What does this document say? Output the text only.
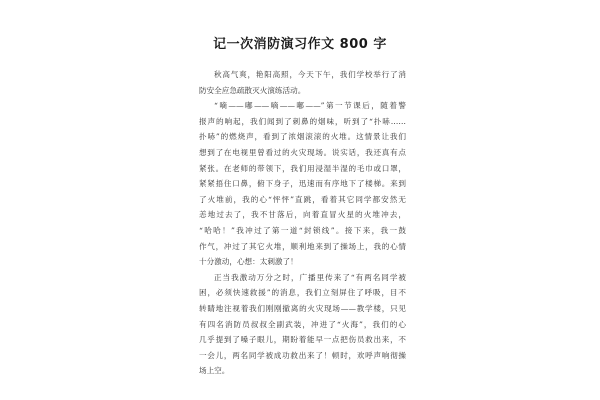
记一次消防演习作文 800 字
秋高气爽，艳阳高照，今天下午，我们学校举行了消
防安全应急疏散灭火演练活动。
“嘀——嘟——嘀——嘟——”第一节课后，随着警
报声的响起，我们闻到了刺鼻的烟味，听到了“扑哧……
扑哧”的燃烧声，看到了浓烟滚滚的火堆。这情景让我们
想到了在电视里曾看过的火灾现场。说实话，我还真有点
紧张。在老师的带领下，我们用浸湿半湿的毛巾或口罩，
紧紧捂住口鼻，俯下身子，迅速而有序地下了楼梯。来到
了火堆前，我的心“怦怦”直跳，看着其它同学都安然无
恙地过去了，我不甘落后，向着直冒火星的火堆冲去，
“哈哈！”我冲过了第一道“封锁线”。接下来，我一鼓
作气，冲过了其它火堆，顺利地来到了操场上，我的心情
十分激动，心想：太刺激了！
正当我激动万分之时，广播里传来了“有两名同学被
困，必须快速救援”的消息，我们立刻屏住了呼吸，目不
转睛地注视着我们刚刚撤离的火灾现场——教学楼，只见
有四名消防员叔叔全副武装，冲进了“火海”，我们的心
几乎提到了嗓子眼儿，期盼着能早一点把伤员救出来，不
一会儿，两名同学被成功救出来了！顿时，欢呼声响彻操
场上空。
